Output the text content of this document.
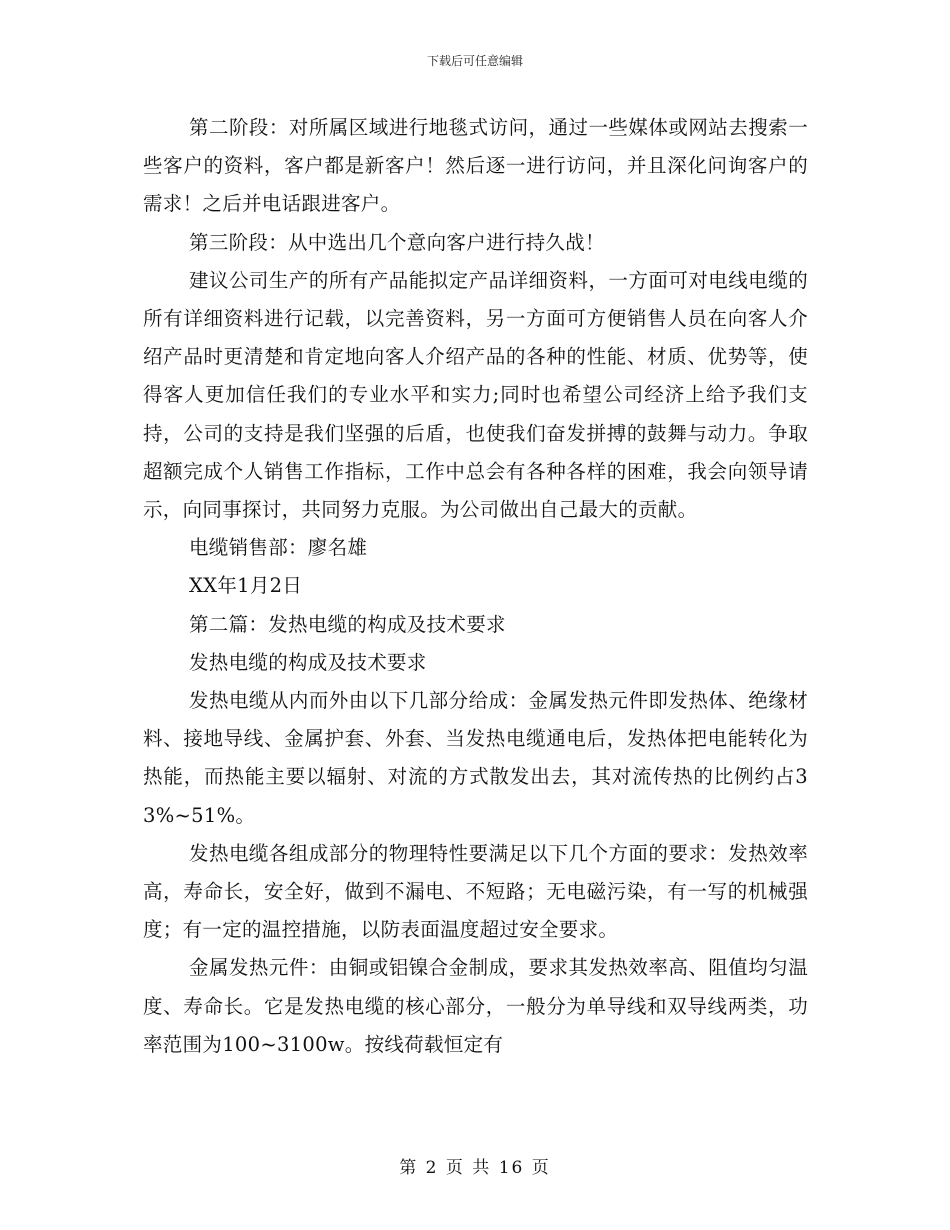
下载后可任意编辑

第二阶段：对所属区域进行地毯式访问，通过一些媒体或网站去搜索一些客户的资料，客户都是新客户！然后逐一进行访问，并且深化问询客户的需求！之后并电话跟进客户。

第三阶段：从中选出几个意向客户进行持久战！

建议公司生产的所有产品能拟定产品详细资料，一方面可对电线电缆的所有详细资料进行记载，以完善资料，另一方面可方便销售人员在向客人介绍产品时更清楚和肯定地向客人介绍产品的各种的性能、材质、优势等，使得客人更加信任我们的专业水平和实力;同时也希望公司经济上给予我们支持，公司的支持是我们坚强的后盾，也使我们奋发拼搏的鼓舞与动力。争取超额完成个人销售工作指标，工作中总会有各种各样的困难，我会向领导请示，向同事探讨，共同努力克服。为公司做出自己最大的贡献。

电缆销售部：廖名雄

XX年1月2日

第二篇：发热电缆的构成及技术要求

发热电缆的构成及技术要求

发热电缆从内而外由以下几部分给成：金属发热元件即发热体、绝缘材料、接地导线、金属护套、外套、当发热电缆通电后，发热体把电能转化为热能，而热能主要以辐射、对流的方式散发出去，其对流传热的比例约占33%~51%。

发热电缆各组成部分的物理特性要满足以下几个方面的要求：发热效率高，寿命长，安全好，做到不漏电、不短路；无电磁污染，有一写的机械强度；有一定的温控措施，以防表面温度超过安全要求。

金属发热元件：由铜或铝镍合金制成，要求其发热效率高、阻值均匀温度、寿命长。它是发热电缆的核心部分，一般分为单导线和双导线两类，功率范围为100~3100w。按线荷载恒定有

第 2 页 共 16 页
